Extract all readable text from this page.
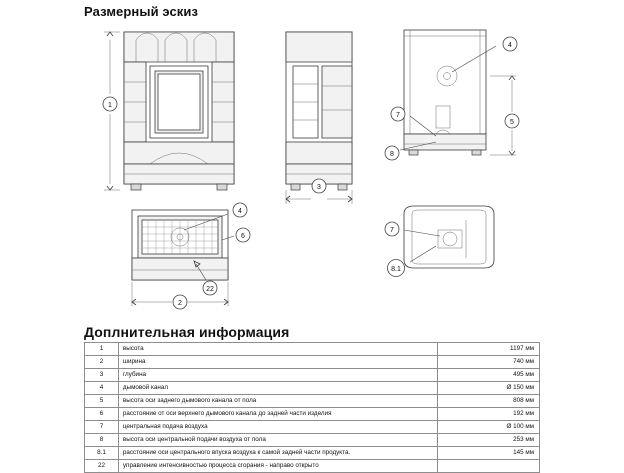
Размерный эскиз
Доплнительная информация
1
3
4
7
8
5
4
6
22
2
7
8.1
1	высота	1197 мм
2	ширина	740 мм
3	глубина	495 мм
4	дымовой канал	Ø 150 мм
5	высота оси заднего дымового канала от пола	808 мм
6	расстояние от оси верхнего дымового канала до задней части изделия	192 мм
7	центральная подача воздуха	Ø 100 мм
8	высота оси центральной подачи воздуха от пола	253 мм
8.1	расстояние оси центрального впуска воздуха к самой задней части продукта.	145 мм
22	управление интенсивностью процесса сгорания - направо открыто	
